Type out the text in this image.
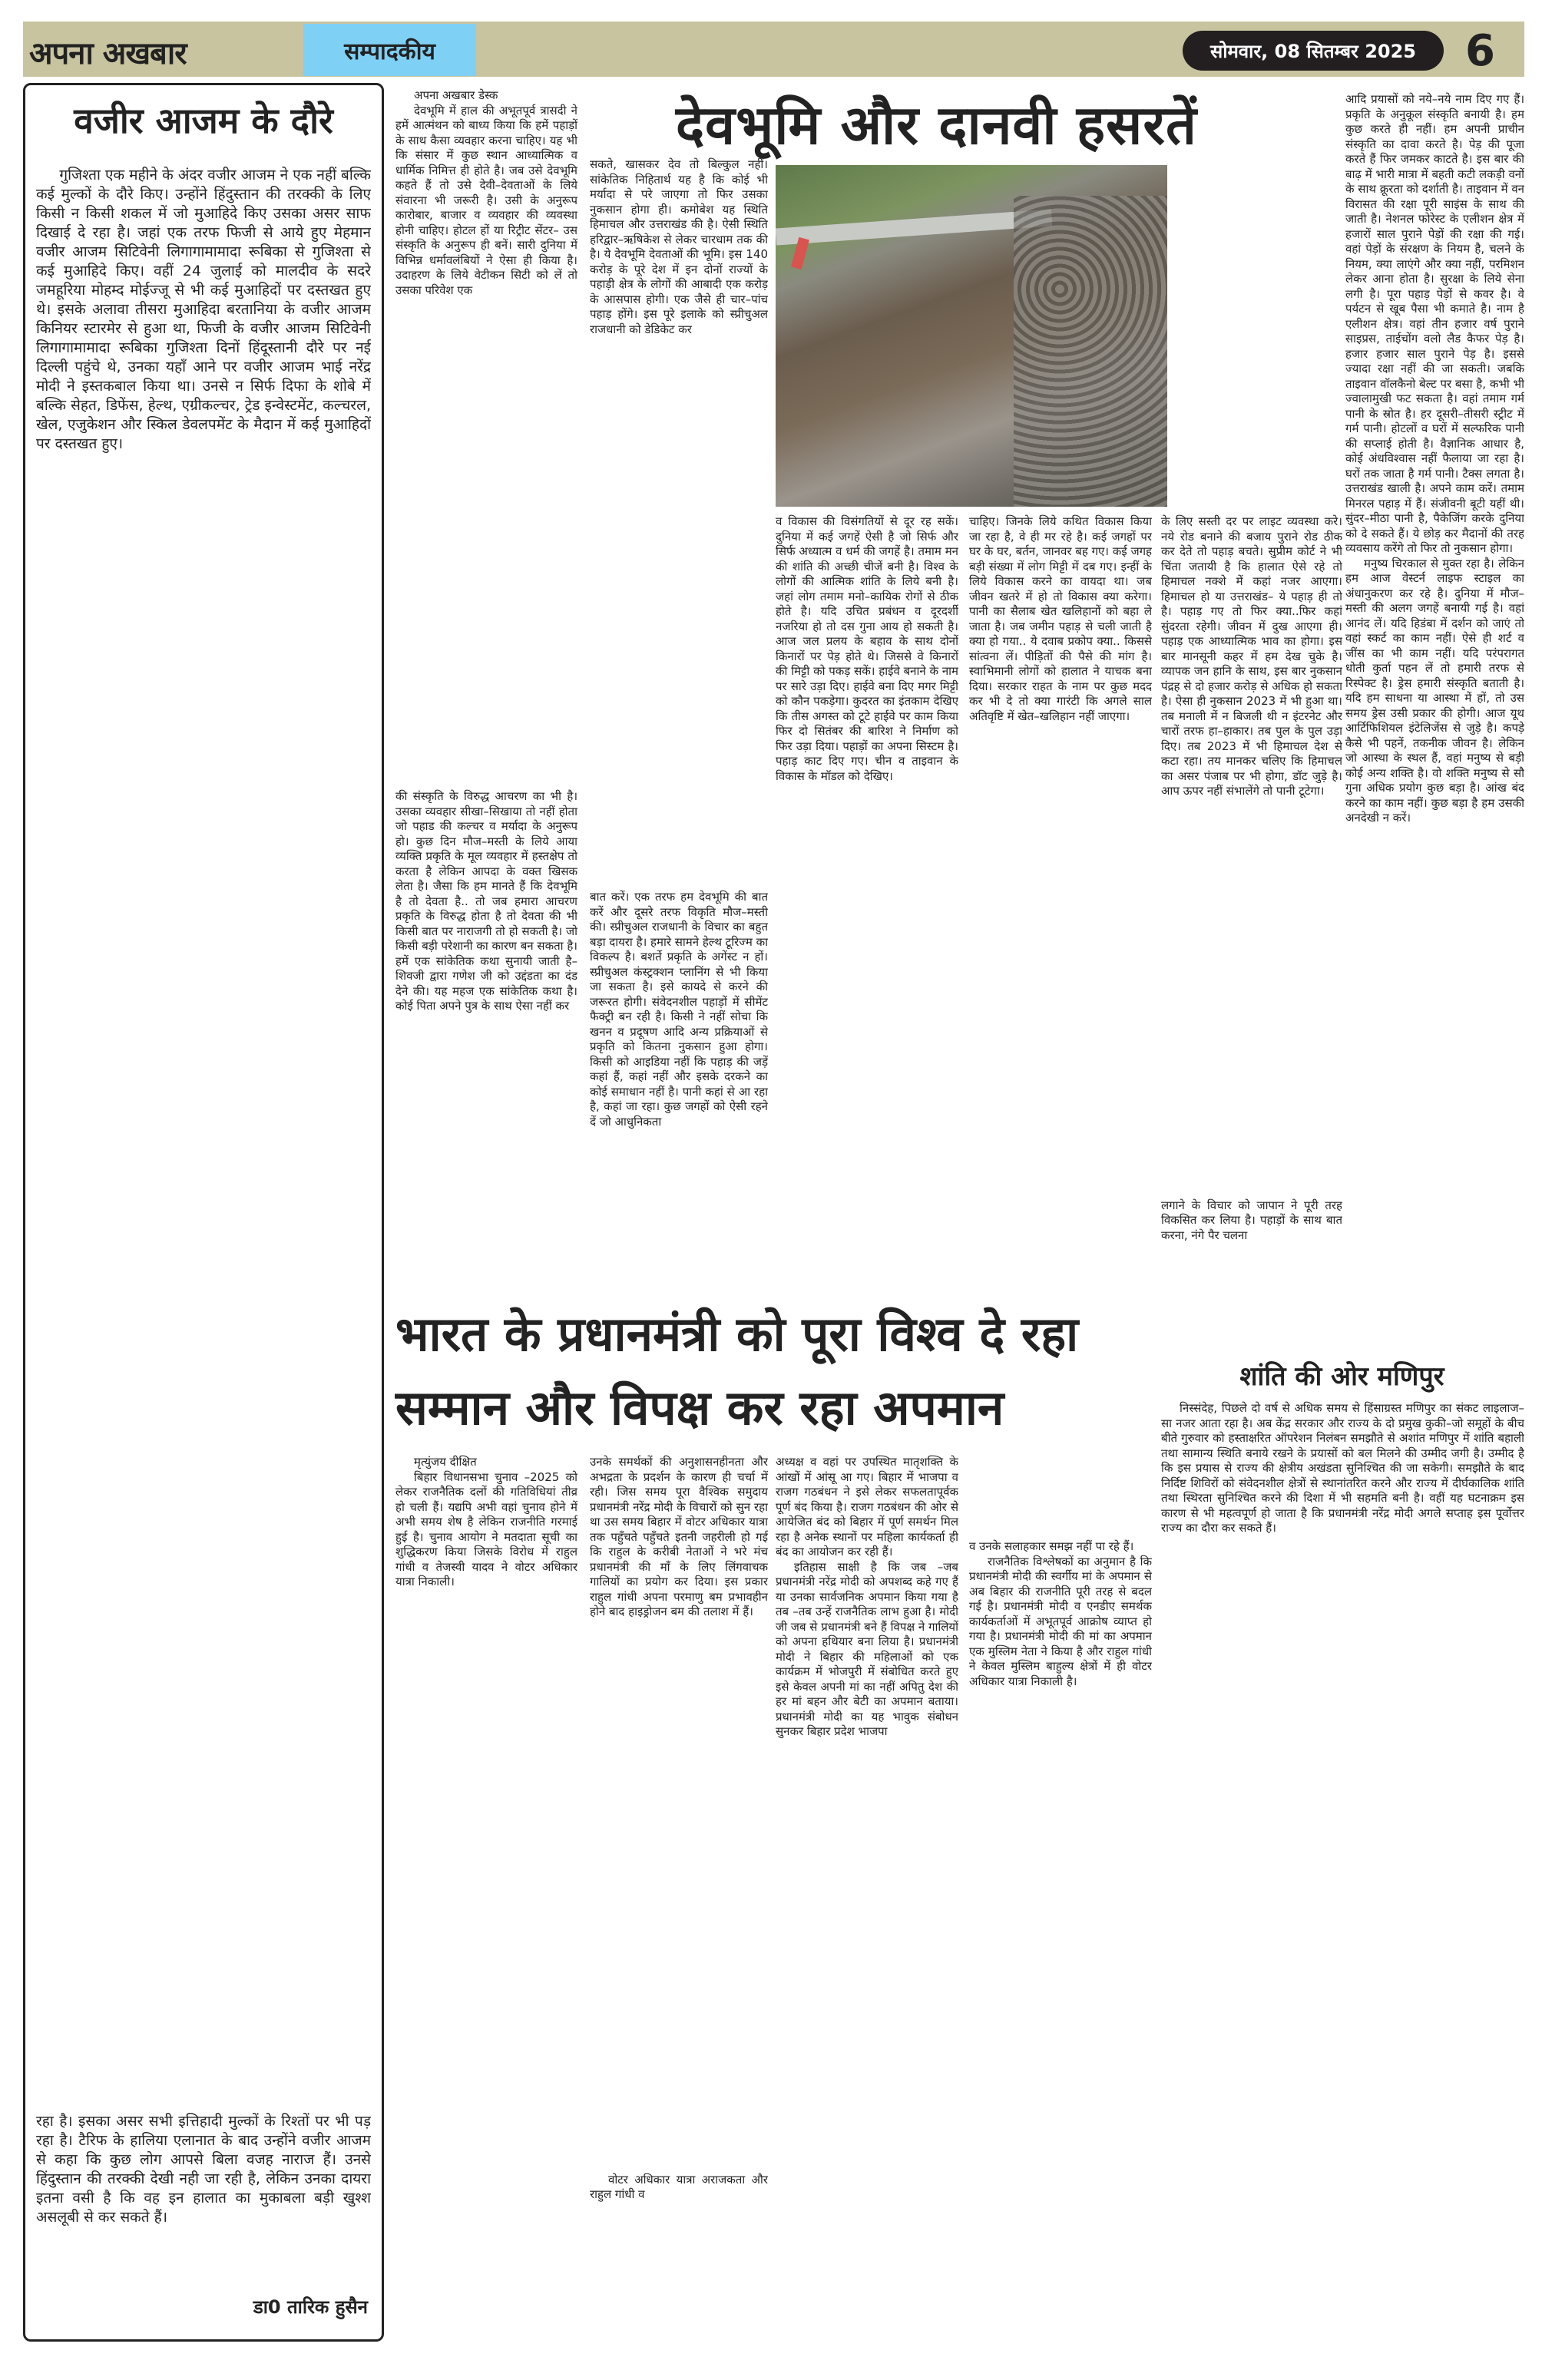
अपना अखबार	सम्पादकीय	सोमवार, 08 सितम्बर 2025	6
वजीर आजम के दौरे

गुजिश्ता एक महीने के अंदर वजीर आजम ने एक नहीं बल्कि कई मुल्कों के दौरे किए। उन्होंने हिंदुस्तान की तरक्की के लिए किसी न किसी शकल में जो मुआहिदे किए उसका असर साफ दिखाई दे रहा है। जहां एक तरफ फिजी से आये हुए मेहमान वजीर आजम सिटिवेनी लिगागामामादा रूबिका से गुजिश्ता से कई मुआहिदे किए। वहीं 24 जुलाई को मालदीव के सदरे जमहूरिया मोहम्द मोईज्जू से भी कई मुआहिदों पर दस्तखत हुए थे। इसके अलावा तीसरा मुआहिदा बरतानिया के वजीर आजम किनियर स्टारमेर से हुआ था, फिजी के वजीर आजम सिटिवेनी लिगागामामादा रूबिका गुजिश्ता दिनों हिंदूस्तानी दौरे पर नई दिल्ली पहुंचे थे, उनका यहाँ आने पर वजीर आजम भाई नरेंद्र मोदी ने इस्तकबाल किया था। उनसे न सिर्फ दिफा के शोबे में बल्कि सेहत, डिफेंस, हेल्थ, एग्रीकल्चर, ट्रेड इन्वेस्टमेंट, कल्चरल, खेल, एजुकेशन और स्किल डेवलपमेंट के मैदान में कई मुआहिदों पर दस्तखत हुए।

रहा है। इसका असर सभी इत्तिहादी मुल्कों के रिश्तों पर भी पड़ रहा है। टैरिफ के हालिया एलानात के बाद उन्होंने वजीर आजम से कहा कि कुछ लोग आपसे बिला वजह नाराज हैं। उनसे हिंदुस्तान की तरक्की देखी नही जा रही है, लेकिन उनका दायरा इतना वसी है कि वह इन हालात का मुकाबला बड़ी खुश्श असलूबी से कर सकते हैं।

डा0 तारिक हुसैन
देवभूमि और दानवी हसरतें

अपना अखबार डेस्क

देवभूमि में हाल की अभूतपूर्व त्रासदी ने हमें आत्मंथन को बाध्य किया कि हमें पहाड़ों के साथ कैसा व्यवहार करना चाहिए। यह भी कि संसार में कुछ स्थान आध्यात्मिक व धार्मिक निमित्त ही होते है। जब उसे देवभूमि कहते हैं तो उसे देवी–देवताओं के लिये संवारना भी जरूरी है। उसी के अनुरूप कारोबार, बाजार व व्यवहार की व्यवस्था होनी चाहिए। होटल हों या रिट्रीट सेंटर– उस संस्कृति के अनुरूप ही बनें। सारी दुनिया में विभिन्न धर्मावलंबियों ने ऐसा ही किया है। उदाहरण के लिये वेटीकन सिटी को लें तो उसका परिवेश एक

की संस्कृति के विरुद्ध आचरण का भी है। उसका व्यवहार सीखा–सिखाया तो नहीं होता जो पहाड की कल्चर व मर्यादा के अनुरूप हो। कुछ दिन मौज–मस्ती के लिये आया व्यक्ति प्रकृति के मूल व्यवहार में हस्तक्षेप तो करता है लेकिन आपदा के वक्त खिसक लेता है। जैसा कि हम मानते हैं कि देवभूमि है तो देवता है.. तो जब हमारा आचरण प्रकृति के विरुद्ध होता है तो देवता की भी किसी बात पर नाराजगी तो हो सकती है। जो किसी बड़ी परेशानी का कारण बन सकता है। हमें एक सांकेतिक कथा सुनायी जाती है– शिवजी द्वारा गणेश जी को उद्दंडता का दंड देने की। यह महज एक सांकेतिक कथा है। कोई पिता अपने पुत्र के साथ ऐसा नहीं कर

सकते, खासकर देव तो बिल्कुल नहीं। सांकेतिक निहितार्थ यह है कि कोई भी मर्यादा से परे जाएगा तो फिर उसका नुकसान होगा ही। कमोबेश यह स्थिति हिमाचल और उत्तराखंड की है। ऐसी स्थिति हरिद्वार–ऋषिकेश से लेकर चारधाम तक की है। ये देवभूमि देवताओं की भूमि। इस 140 करोड़ के पूरे देश में इन दोनों राज्यों के पहाड़ी क्षेत्र के लोगों की आबादी एक करोड़ के आसपास होगी। एक जैसे ही चार–पांच पहाड़ होंगे। इस पूरे इलाके को स्प्रीचुअल राजधानी को डेडिकेट कर

बात करें। एक तरफ हम देवभूमि की बात करें और दूसरे तरफ विकृति मौज–मस्ती की। स्प्रीचुअल राजधानी के विचार का बहुत बड़ा दायरा है। हमारे सामने हेल्थ टूरिज्म का विकल्प है। बशर्ते प्रकृति के अगेंस्ट न हों। स्प्रीचुअल कंस्ट्रक्शन प्लानिंग से भी किया जा सकता है। इसे कायदे से करने की जरूरत होगी। संवेदनशील पहाड़ों में सीमेंट फैक्ट्री बन रही है। किसी ने नहीं सोचा कि खनन व प्रदूषण आदि अन्य प्रक्रियाओं से प्रकृति को कितना नुकसान हुआ होगा। किसी को आइडिया नहीं कि पहाड़ की जड़ें कहां हैं, कहां नहीं और इसके दरकने का कोई समाधान नहीं है। पानी कहां से आ रहा है, कहां जा रहा। कुछ जगहों को ऐसी रहने दें जो आधुनिकता

व विकास की विसंगतियों से दूर रह सकें। दुनिया में कई जगहें ऐसी है जो सिर्फ और सिर्फ अध्यात्म व धर्म की जगहें है। तमाम मन की शांति की अच्छी चीजें बनी है। विश्व के लोगों की आत्मिक शांति के लिये बनी है। जहां लोग तमाम मनो–कायिक रोगों से ठीक होते है। यदि उचित प्रबंधन व दूरदर्शी नजरिया हो तो दस गुना आय हो सकती है। आज जल प्रलय के बहाव के साथ दोनों किनारों पर पेड़ होते थे। जिससे वे किनारों की मिट्टी को पकड़ सकें। हाईवे बनाने के नाम पर सारे उड़ा दिए। हाईवे बना दिए मगर मिट्टी को कौन पकड़ेगा। कुदरत का इंतकाम देखिए कि तीस अगस्त को टूटे हाईवे पर काम किया फिर दो सितंबर की बारिश ने निर्माण को फिर उड़ा दिया। पहाड़ों का अपना सिस्टम है। पहाड़ काट दिए गए। चीन व ताइवान के विकास के मॉडल को देखिए।

चाहिए। जिनके लिये कथित विकास किया जा रहा है, वे ही मर रहे है। कई जगहों पर घर के घर, बर्तन, जानवर बह गए। कई जगह बड़ी संख्या में लोग मिट्टी में दब गए। इन्हीं के लिये विकास करने का वायदा था। जब जीवन खतरे में हो तो विकास क्या करेगा। पानी का सैलाब खेत खलिहानों को बहा ले जाता है। जब जमीन पहाड़ से चली जाती है क्या हो गया.. ये दवाब प्रकोप क्या.. किससे सांत्वना लें। पीड़ितों की पैसे की मांग है। स्वाभिमानी लोगों को हालात ने याचक बना दिया। सरकार राहत के नाम पर कुछ मदद कर भी दे तो क्या गारंटी कि अगले साल अतिवृष्टि में खेत–खलिहान नहीं जाएगा।

के लिए सस्ती दर पर लाइट व्यवस्था करे। नये रोड बनाने की बजाय पुराने रोड ठीक कर देते तो पहाड़ बचते। सुप्रीम कोर्ट ने भी चिंता जतायी है कि हालात ऐसे रहे तो हिमाचल नक्शे में कहां नजर आएगा। हिमाचल हो या उत्तराखंड– ये पहाड़ ही तो है। पहाड़ गए तो फिर क्या..फिर कहां सुंदरता रहेगी। जीवन में दुख आएगा ही। पहाड़ एक आध्यात्मिक भाव का होगा। इस बार मानसूनी कहर में हम देख चुके है। व्यापक जन हानि के साथ, इस बार नुकसान पंद्रह से दो हजार करोड़ से अधिक हो सकता है। ऐसा ही नुकसान 2023 में भी हुआ था। तब मनाली में न बिजली थी न इंटरनेट और चारों तरफ हा–हाकार। तब पुल के पुल उड़ा दिए। तब 2023 में भी हिमाचल देश से कटा रहा। तय मानकर चलिए कि हिमाचल का असर पंजाब पर भी होगा, डॉट जुड़े है। आप ऊपर नहीं संभालेंगे तो पानी टूटेगा।

लगाने के विचार को जापान ने पूरी तरह विकसित कर लिया है। पहाड़ों के साथ बात करना, नंगे पैर चलना

आदि प्रयासों को नये–नये नाम दिए गए हैं। प्रकृति के अनुकूल संस्कृति बनायी है। हम कुछ करते ही नहीं। हम अपनी प्राचीन संस्कृति का दावा करते है। पेड़ की पूजा करते हैं फिर जमकर काटते है। इस बार की बाढ़ में भारी मात्रा में बहती कटी लकड़ी वनों के साथ क्रूरता को दर्शाती है। ताइवान में वन विरासत की रक्षा पूरी साइंस के साथ की जाती है। नेशनल फोरेस्ट के एलीशन क्षेत्र में हजारों साल पुराने पेड़ों की रक्षा की गई। वहां पेड़ों के संरक्षण के नियम है, चलने के नियम, क्या लाएंगे और क्या नहीं, परमिशन लेकर आना होता है। सुरक्षा के लिये सेना लगी है। पूरा पहाड़ पेड़ों से कवर है। वे पर्यटन से खूब पैसा भी कमाते है। नाम है एलीशन क्षेत्र। वहां तीन हजार वर्ष पुराने साइप्रस, ताईचोंग वलो लैड कैफर पेड़ है। हजार हजार साल पुराने पेड़ है। इससे ज्यादा रक्षा नहीं की जा सकती। जबकि ताइवान वॉलकैनो बेल्ट पर बसा है, कभी भी ज्वालामुखी फट सकता है। वहां तमाम गर्म पानी के स्रोत है। हर दूसरी–तीसरी स्ट्रीट में गर्म पानी। होटलों व घरों में सल्फरिक पानी की सप्लाई होती है। वैज्ञानिक आधार है, कोई अंधविश्वास नहीं फैलाया जा रहा है। घरों तक जाता है गर्म पानी। टैक्स लगता है। उत्तराखंड खाली है। अपने काम करें। तमाम मिनरल पहाड़ में हैं। संजीवनी बूटी यहीं थी। सुंदर–मीठा पानी है, पैकेजिंग करके दुनिया को दे सकते हैं। ये छोड़ कर मैदानों की तरह व्यवसाय करेंगे तो फिर तो नुकसान होगा।

मनुष्य चिरकाल से मुक्त रहा है। लेकिन हम आज वेस्टर्न लाइफ स्टाइल का अंधानुकरण कर रहे है। दुनिया में मौज–मस्ती की अलग जगहें बनायी गई है। वहां आनंद लें। यदि हिडंबा में दर्शन को जाएं तो वहां स्कर्ट का काम नहीं। ऐसे ही शर्ट व जींस का भी काम नहीं। यदि परंपरागत धोती कुर्ता पहन लें तो हमारी तरफ से रिस्पेक्ट है। ड्रेस हमारी संस्कृति बताती है। यदि हम साधना या आस्था में हों, तो उस समय ड्रेस उसी प्रकार की होगी। आज यूथ आर्टिफिशियल इंटेलिजेंस से जुड़े है। कपड़े कैसे भी पहनें, तकनीक जीवन है। लेकिन जो आस्था के स्थल हैं, वहां मनुष्य से बड़ी कोई अन्य शक्ति है। वो शक्ति मनुष्य से सौ गुना अधिक प्रयोग कुछ बड़ा है। आंख बंद करने का काम नहीं। कुछ बड़ा है हम उसकी अनदेखी न करें।

भारत के प्रधानमंत्री को पूरा विश्व दे रहा सम्मान और विपक्ष कर रहा अपमान

मृत्युंजय दीक्षित

बिहार विधानसभा चुनाव –2025 को लेकर राजनैतिक दलों की गतिविधियां तीव्र हो चली हैं। यद्यपि अभी वहां चुनाव होने में अभी समय शेष है लेकिन राजनीति गरमाई हुई है। चुनाव आयोग ने मतदाता सूची का शुद्धिकरण किया जिसके विरोध में राहुल गांधी व तेजस्वी यादव ने वोटर अधिकार यात्रा निकाली।

उनके समर्थकों की अनुशासनहीनता और अभद्रता के प्रदर्शन के कारण ही चर्चा में रही। जिस समय पूरा वैश्विक समुदाय प्रधानमंत्री नरेंद्र मोदी के विचारों को सुन रहा था उस समय बिहार में वोटर अधिकार यात्रा तक पहुँचते पहुँचते इतनी जहरीली हो गई कि राहुल के करीबी नेताओं ने भरे मंच प्रधानमंत्री की माँ के लिए लिंगवाचक गालियों का प्रयोग कर दिया। इस प्रकार राहुल गांधी अपना परमाणु बम प्रभावहीन होने बाद हाइड्रोजन बम की तलाश में हैं।

वोटर अधिकार यात्रा अराजकता और राहुल गांधी व

अध्यक्ष व वहां पर उपस्थित मातृशक्ति के आंखों में आंसू आ गए। बिहार में भाजपा व राजग गठबंधन ने इसे लेकर सफलतापूर्वक पूर्ण बंद किया है। राजग गठबंधन की ओर से आयेजित बंद को बिहार में पूर्ण समर्थन मिल रहा है अनेक स्थानों पर महिला कार्यकर्ता ही बंद का आयोजन कर रही हैं।

इतिहास साक्षी है कि जब –जब प्रधानमंत्री नरेंद्र मोदी को अपशब्द कहे गए हैं या उनका सार्वजनिक अपमान किया गया है तब –तब उन्हें राजनैतिक लाभ हुआ है। मोदी जी जब से प्रधानमंत्री बने हैं विपक्ष ने गालियों को अपना हथियार बना लिया है। प्रधानमंत्री मोदी ने बिहार की महिलाओं को एक कार्यक्रम में भोजपुरी में संबोधित करते हुए इसे केवल अपनी मां का नहीं अपितु देश की हर मां बहन और बेटी का अपमान बताया। प्रधानमंत्री मोदी का यह भावुक संबोधन सुनकर बिहार प्रदेश भाजपा

व उनके सलाहकार समझ नहीं पा रहे हैं।

राजनैतिक विश्लेषकों का अनुमान है कि प्रधानमंत्री मोदी की स्वर्गीय मां के अपमान से अब बिहार की राजनीति पूरी तरह से बदल गई है। प्रधानमंत्री मोदी व एनडीए समर्थक कार्यकर्ताओं में अभूतपूर्व आक्रोष व्याप्त हो गया है। प्रधानमंत्री मोदी की मां का अपमान एक मुस्लिम नेता ने किया है और राहुल गांधी ने केवल मुस्लिम बाहुल्य क्षेत्रों में ही वोटर अधिकार यात्रा निकाली है।

शांति की ओर मणिपुर

निस्संदेह, पिछले दो वर्ष से अधिक समय से हिंसाग्रस्त मणिपुर का संकट लाइलाज–सा नजर आता रहा है। अब केंद्र सरकार और राज्य के दो प्रमुख कुकी–जो समूहों के बीच बीते गुरुवार को हस्ताक्षरित ऑपरेशन निलंबन समझौते से अशांत मणिपुर में शांति बहाली तथा सामान्य स्थिति बनाये रखने के प्रयासों को बल मिलने की उम्मीद जगी है। उम्मीद है कि इस प्रयास से राज्य की क्षेत्रीय अखंडता सुनिश्चित की जा सकेगी। समझौते के बाद निर्दिष्ट शिविरों को संवेदनशील क्षेत्रों से स्थानांतरित करने और राज्य में दीर्घकालिक शांति तथा स्थिरता सुनिश्चित करने की दिशा में भी सहमति बनी है। वहीं यह घटनाक्रम इस कारण से भी महत्वपूर्ण हो जाता है कि प्रधानमंत्री नरेंद्र मोदी अगले सप्ताह इस पूर्वोत्तर राज्य का दौरा कर सकते हैं।
